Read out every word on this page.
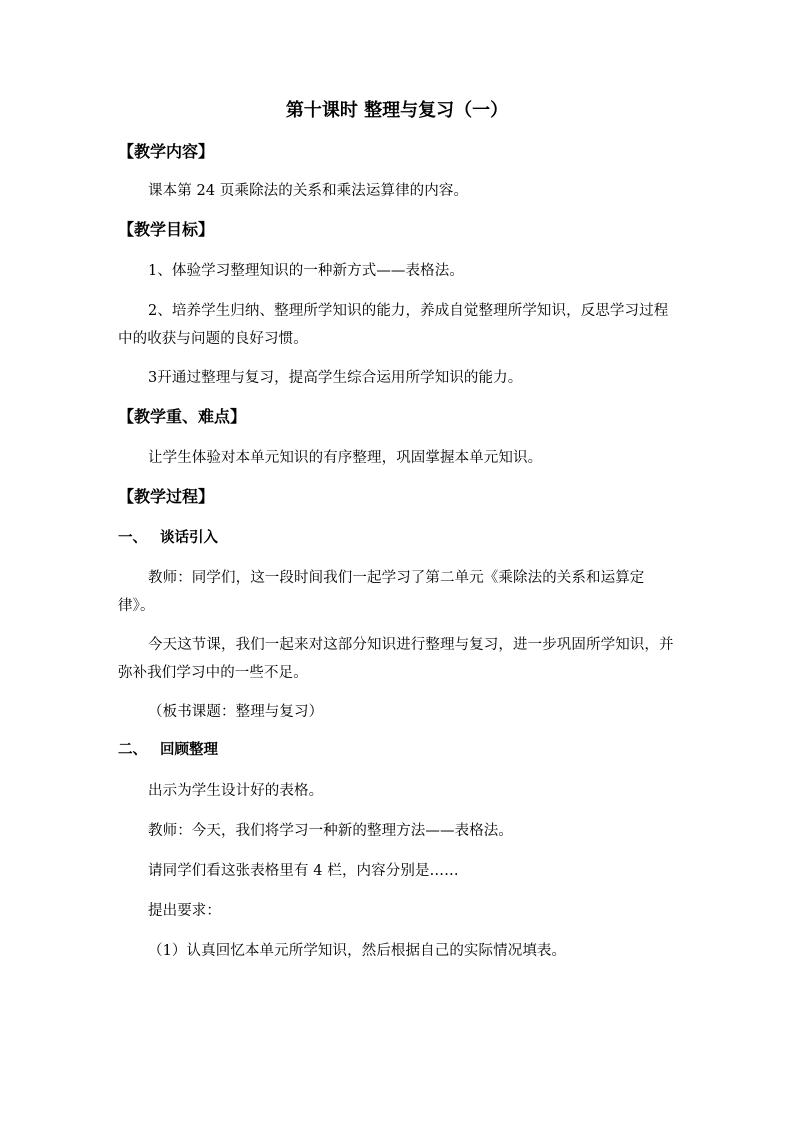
第十课时 整理与复习（一）
【教学内容】
课本第 24 页乘除法的关系和乘法运算律的内容。
【教学目标】
1、体验学习整理知识的一种新方式——表格法。
2、培养学生归纳、整理所学知识的能力，养成自觉整理所学知识，反思学习过程中的收获与问题的良好习惯。
3幵通过整理与复习，提高学生综合运用所学知识的能力。
【教学重、难点】
让学生体验对本单元知识的有序整理，巩固掌握本单元知识。
【教学过程】
一、 谈话引入
教师：同学们，这一段时间我们一起学习了第二单元《乘除法的关系和运算定律》。
今天这节课，我们一起来对这部分知识进行整理与复习，进一步巩固所学知识，并弥补我们学习中的一些不足。
（板书课题：整理与复习）
二、 回顾整理
出示为学生设计好的表格。
教师：今天，我们将学习一种新的整理方法——表格法。
请同学们看这张表格里有 4 栏，内容分别是……
提出要求：
（1）认真回忆本单元所学知识，然后根据自己的实际情况填表。
